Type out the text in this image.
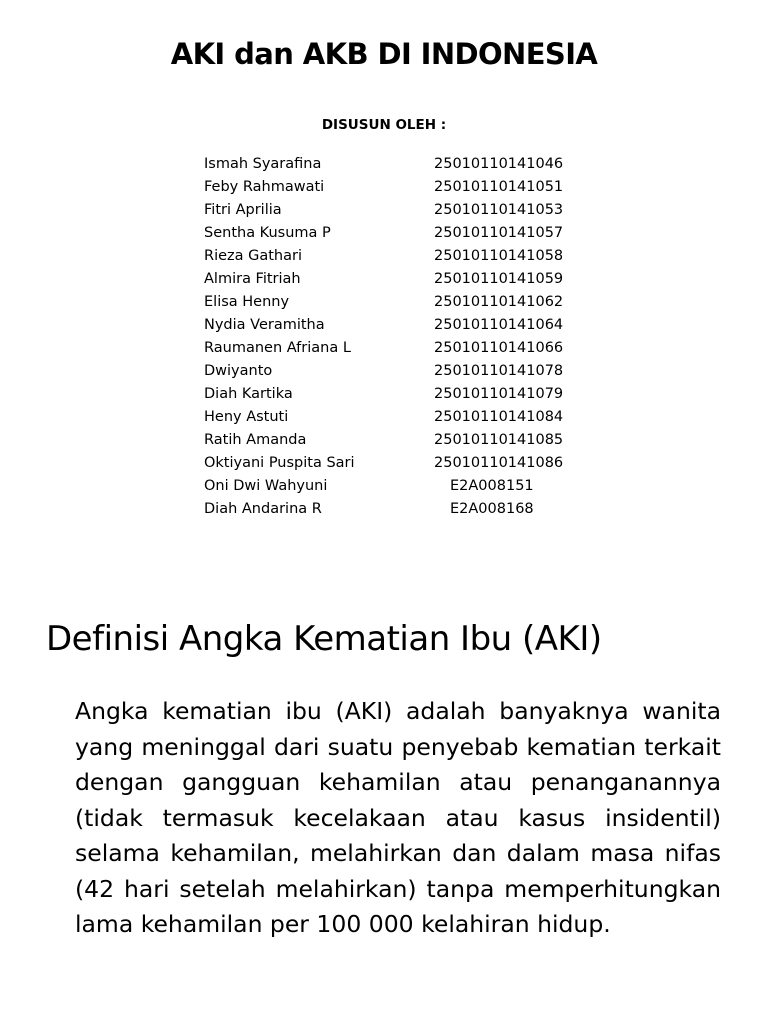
AKI dan AKB DI INDONESIA
DISUSUN OLEH :
Ismah Syarafina	25010110141046
Feby Rahmawati	25010110141051
Fitri Aprilia	25010110141053
Sentha Kusuma P	25010110141057
Rieza Gathari	25010110141058
Almira Fitriah	25010110141059
Elisa Henny	25010110141062
Nydia Veramitha	25010110141064
Raumanen Afriana L	25010110141066
Dwiyanto	25010110141078
Diah Kartika	25010110141079
Heny Astuti	25010110141084
Ratih Amanda	25010110141085
Oktiyani Puspita Sari	25010110141086
Oni Dwi Wahyuni	E2A008151
Diah Andarina R	E2A008168
Definisi Angka Kematian Ibu (AKI)
Angka kematian ibu (AKI) adalah banyaknya wanita yang meninggal dari suatu penyebab kematian terkait dengan gangguan kehamilan atau penanganannya (tidak termasuk kecelakaan atau kasus insidentil) selama kehamilan, melahirkan dan dalam masa nifas (42 hari setelah melahirkan) tanpa memperhitungkan lama kehamilan per 100 000 kelahiran hidup.
